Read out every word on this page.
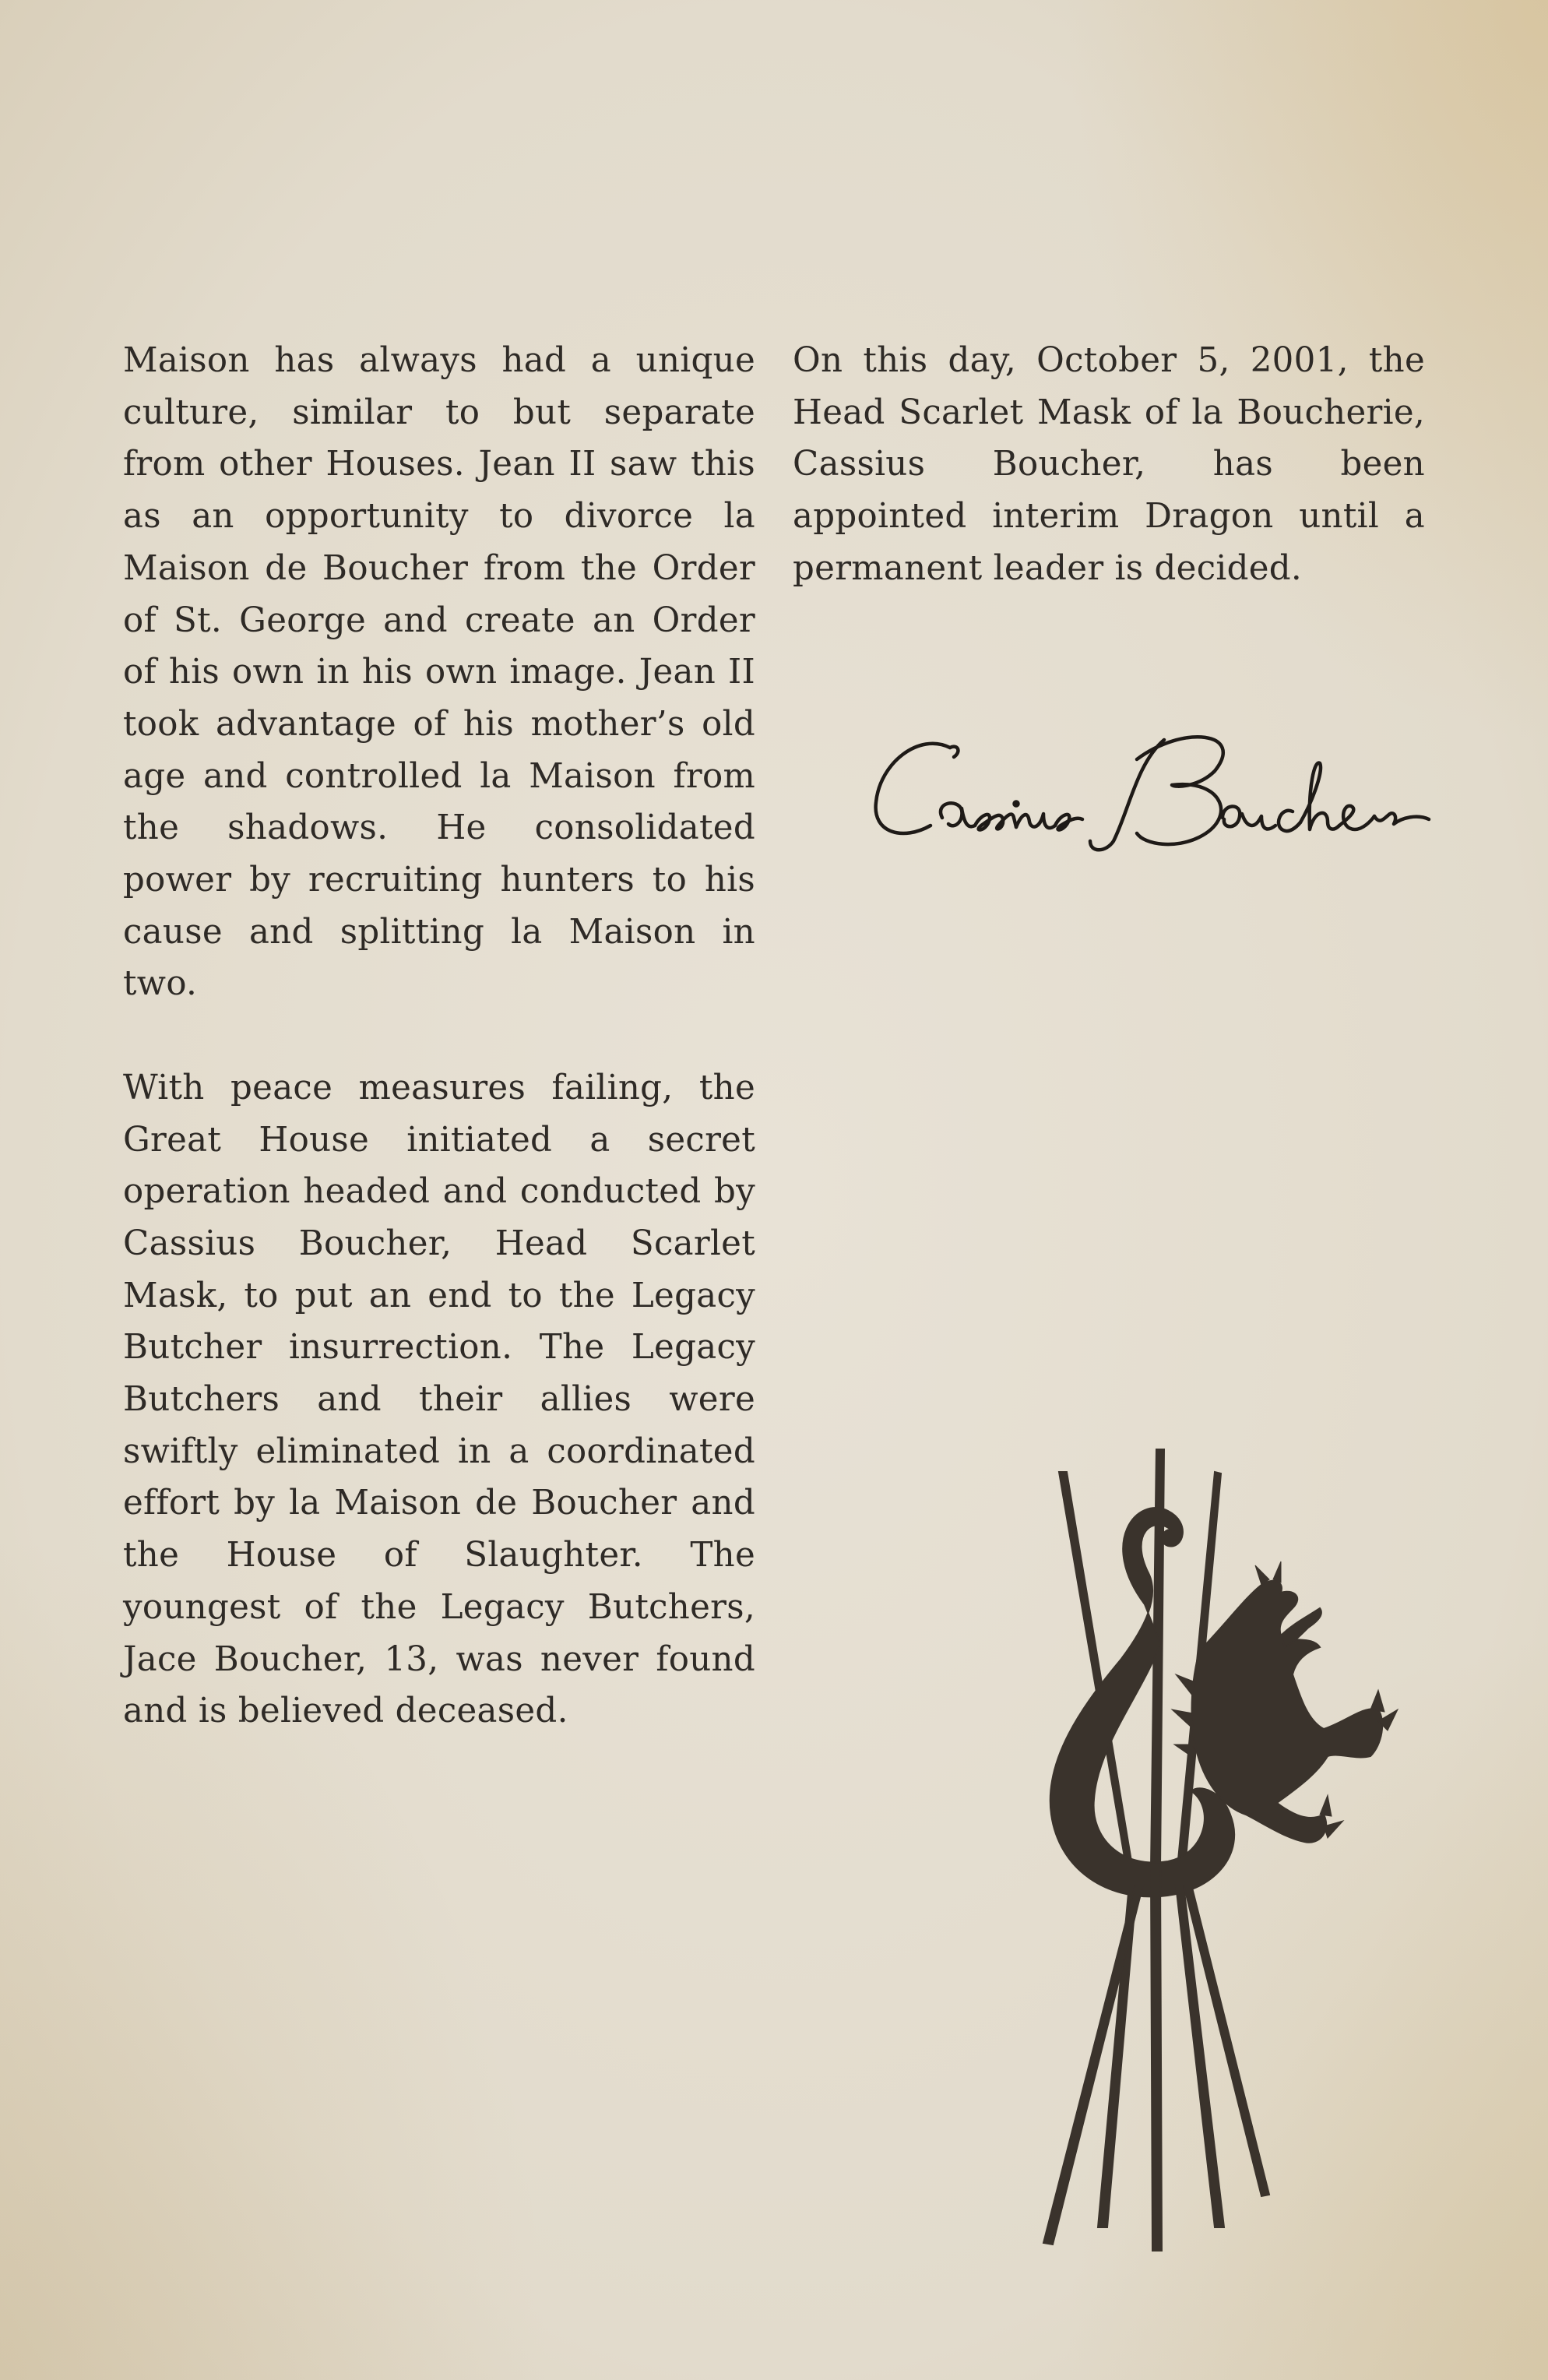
Maison has always had a unique culture, similar to but separate from other Houses. Jean II saw this as an opportunity to divorce la Maison de Boucher from the Order of St. George and create an Order of his own in his own image. Jean II took advantage of his mother’s old age and controlled la Maison from the shadows. He consolidated power by recruiting hunters to his cause and splitting la Maison in two.

With peace measures failing, the Great House initiated a secret operation headed and conducted by Cassius Boucher, Head Scarlet Mask, to put an end to the Legacy Butcher insurrection. The Legacy Butchers and their allies were swiftly eliminated in a coordinated effort by la Maison de Boucher and the House of Slaughter. The youngest of the Legacy Butchers, Jace Boucher, 13, was never found and is believed deceased.

On this day, October 5, 2001, the Head Scarlet Mask of la Boucherie, Cassius Boucher, has been appointed interim Dragon until a permanent leader is decided.
